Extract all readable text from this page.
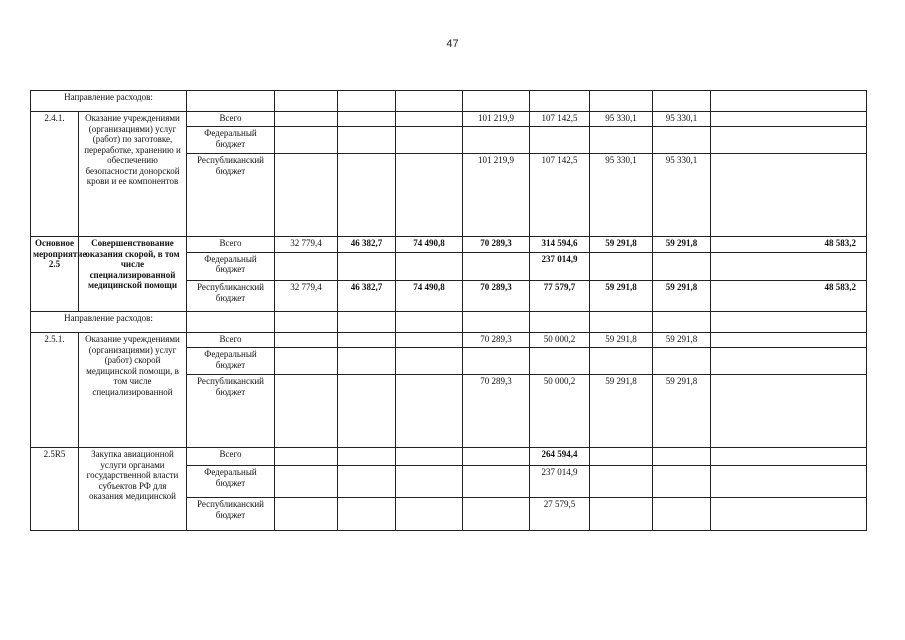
47
Направление расходов:										
2.4.1.	Оказание учреждениями (организациями) услуг (работ) по заготовке, переработке, хранению и обеспечению безопасности донорской крови и ее компонентов	Всего				101 219,9	107 142,5	95 330,1	95 330,1	
		Федеральный бюджет								
		Республиканский бюджет				101 219,9	107 142,5	95 330,1	95 330,1	
Основное мероприятие 2.5	Совершенствование оказания скорой, в том числе специализированной медицинской помощи	Всего	32 779,4	46 382,7	74 490,8	70 289,3	314 594,6	59 291,8	59 291,8	48 583,2
		Федеральный бюджет					237 014,9			
		Республиканский бюджет	32 779,4	46 382,7	74 490,8	70 289,3	77 579,7	59 291,8	59 291,8	48 583,2
Направление расходов:										
2.5.1.	Оказание учреждениями (организациями) услуг (работ) скорой медицинской помощи, в том числе специализированной	Всего				70 289,3	50 000,2	59 291,8	59 291,8	
		Федеральный бюджет								
		Республиканский бюджет				70 289,3	50 000,2	59 291,8	59 291,8	
2.5R5	Закупка авиационной услуги органами государственной власти субъектов РФ для оказания медицинской	Всего					264 594,4			
		Федеральный бюджет					237 014,9			
		Республиканский бюджет					27 579,5			
